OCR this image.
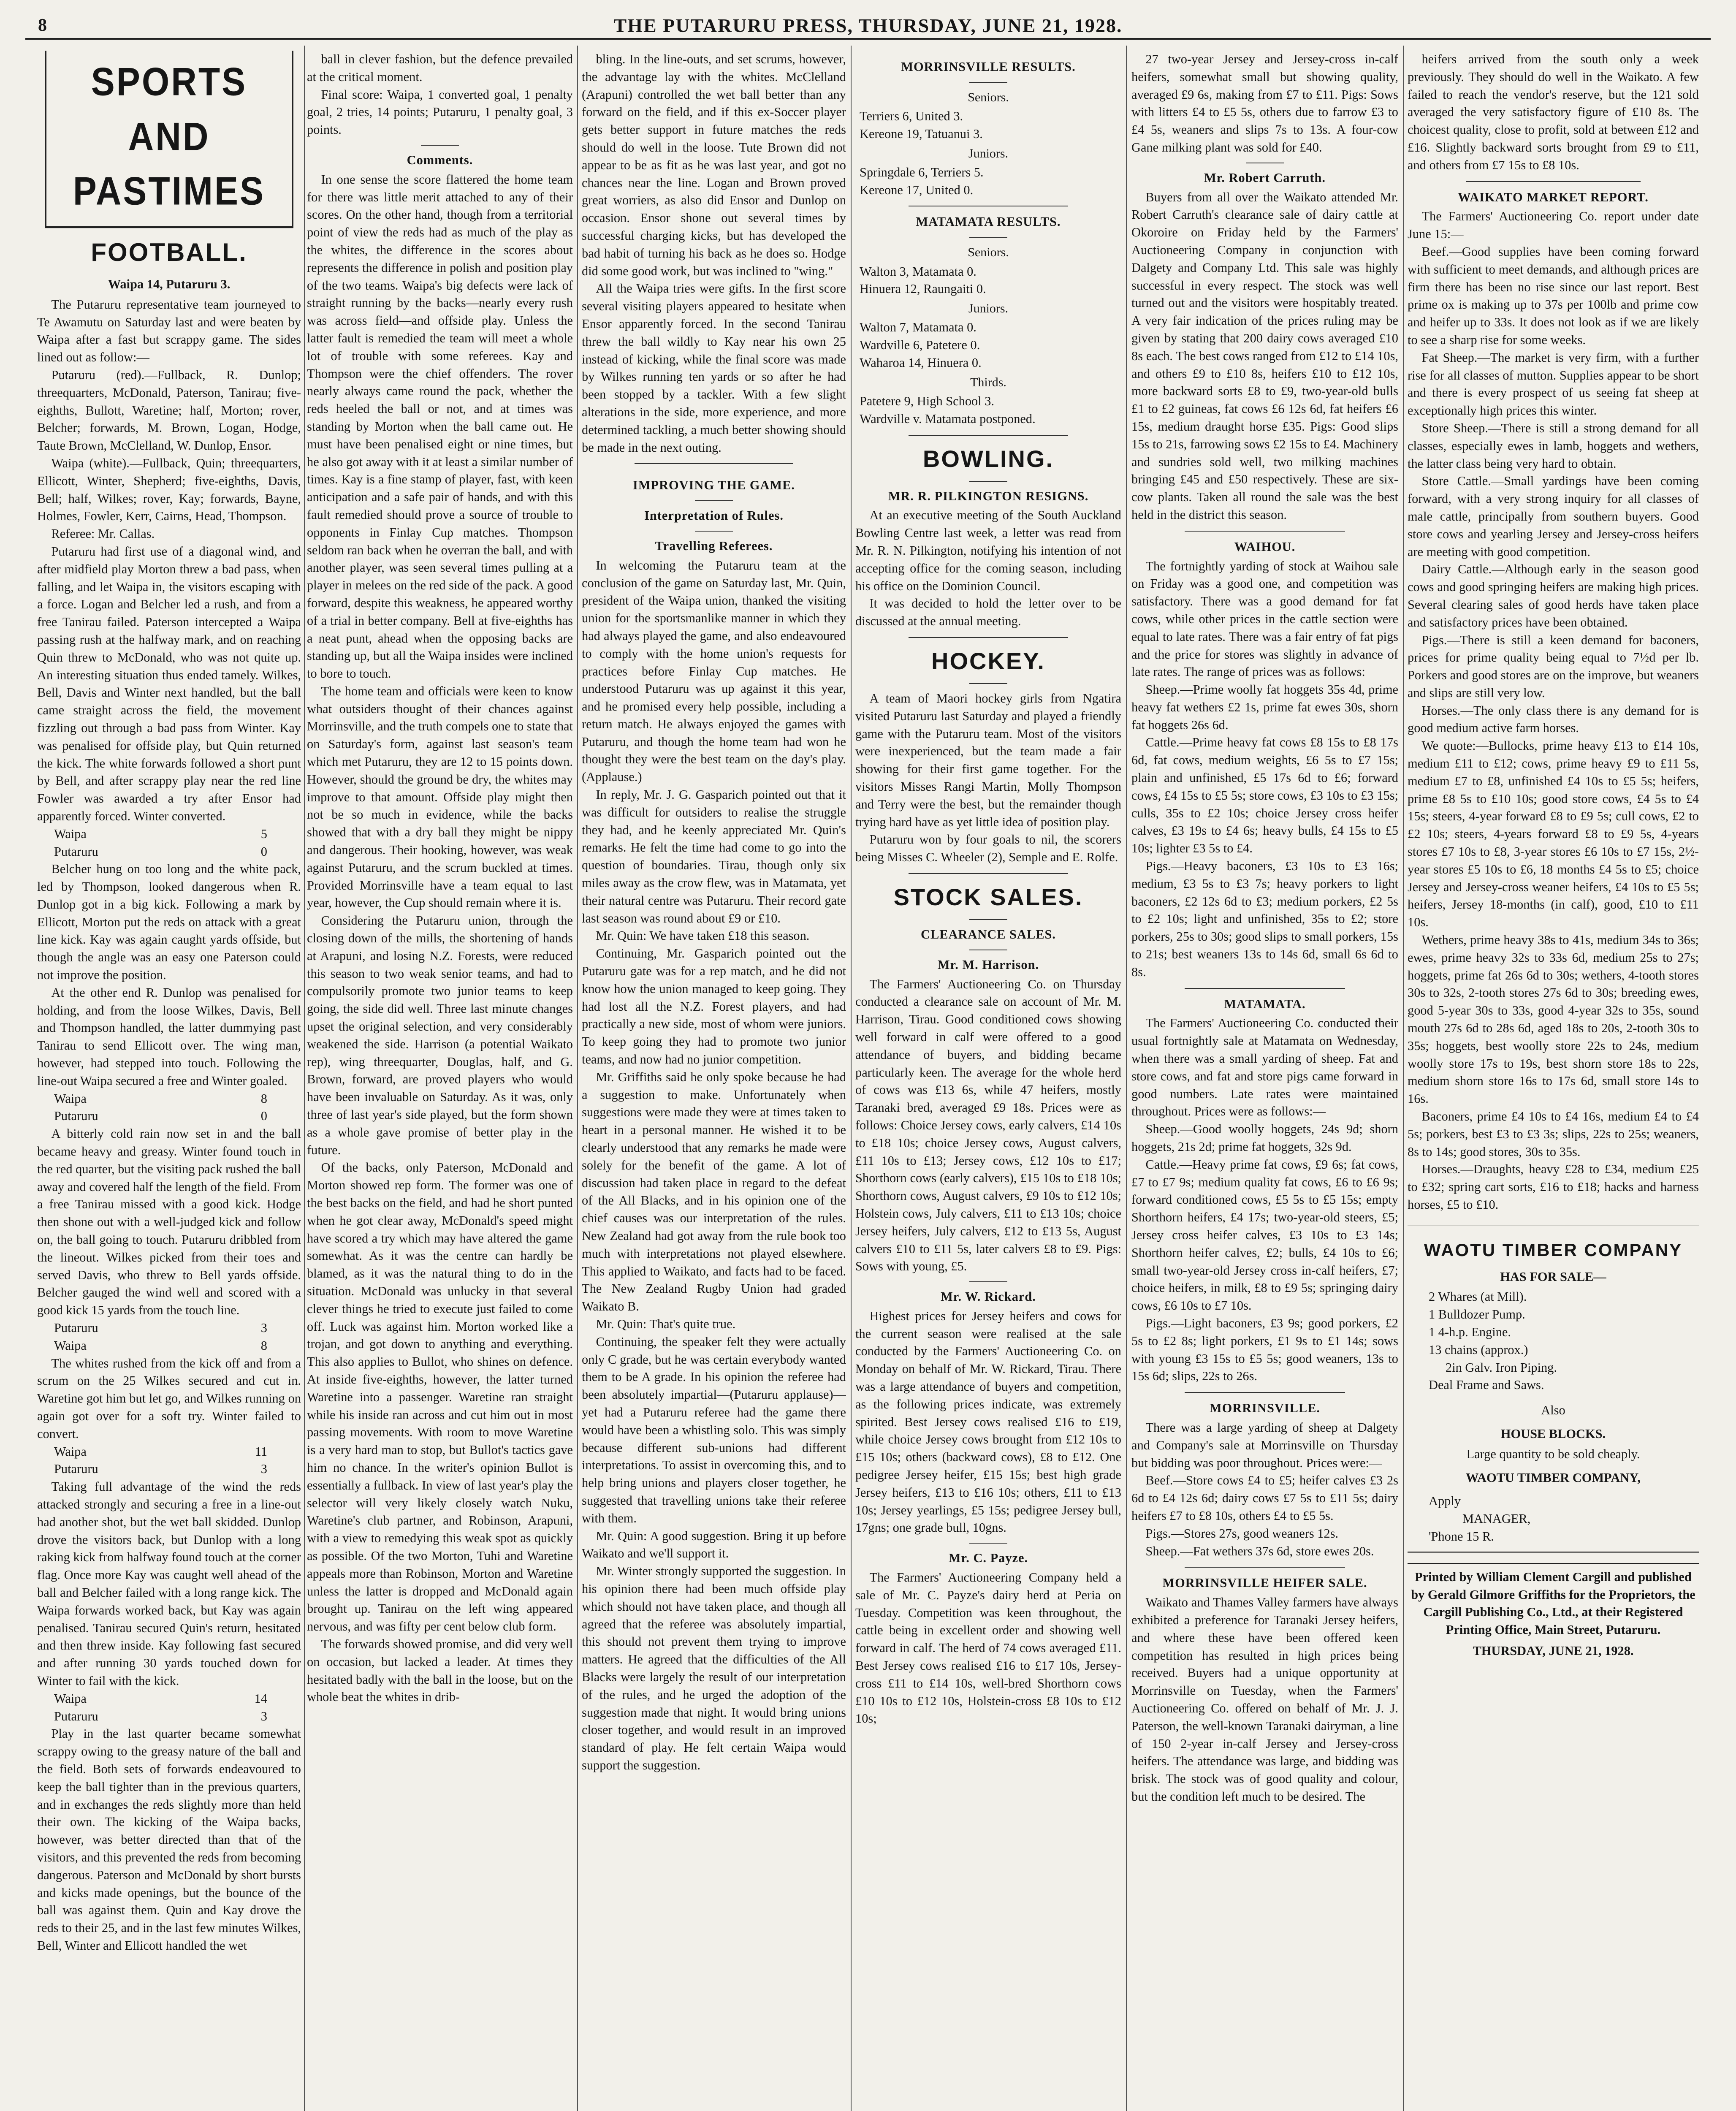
8	THE PUTARURU PRESS, THURSDAY, JUNE 21, 1928.
SPORTS AND PASTIMES
FOOTBALL.
Waipa 14, Putaruru 3.

The Putaruru representative team journeyed to Te Awamutu on Saturday last and were beaten by Waipa after a fast but scrappy game. The sides lined out as follow:—

Putaruru (red).—Fullback, R. Dunlop; threequarters, McDonald, Paterson, Tanirau; five-eighths, Bullott, Waretine; half, Morton; rover, Belcher; forwards, M. Brown, Logan, Hodge, Taute Brown, McClelland, W. Dunlop, Ensor.

Waipa (white).—Fullback, Quin; threequarters, Ellicott, Winter, Shepherd; five-eighths, Davis, Bell; half, Wilkes; rover, Kay; forwards, Bayne, Holmes, Fowler, Kerr, Cairns, Head, Thompson.

Referee: Mr. Callas.

Putaruru had first use of a diagonal wind, and after midfield play Morton threw a bad pass, when falling, and let Waipa in, the visitors escaping with a force. Logan and Belcher led a rush, and from a free Tanirau failed. Paterson intercepted a Waipa passing rush at the halfway mark, and on reaching Quin threw to McDonald, who was not quite up. An interesting situation thus ended tamely. Wilkes, Bell, Davis and Winter next handled, but the ball came straight across the field, the movement fizzling out through a bad pass from Winter. Kay was penalised for offside play, but Quin returned the kick. The white forwards followed a short punt by Bell, and after scrappy play near the red line Fowler was awarded a try after Ensor had apparently forced. Winter converted.

Waipa	5
Putaruru	0

Belcher hung on too long and the white pack, led by Thompson, looked dangerous when R. Dunlop got in a big kick. Following a mark by Ellicott, Morton put the reds on attack with a great line kick. Kay was again caught yards offside, but though the angle was an easy one Paterson could not improve the position.

At the other end R. Dunlop was penalised for holding, and from the loose Wilkes, Davis, Bell and Thompson handled, the latter dummying past Tanirau to send Ellicott over. The wing man, however, had stepped into touch. Following the line-out Waipa secured a free and Winter goaled.

Waipa	8
Putaruru	0

A bitterly cold rain now set in and the ball became heavy and greasy. Winter found touch in the red quarter, but the visiting pack rushed the ball away and covered half the length of the field. From a free Tanirau missed with a good kick. Hodge then shone out with a well-judged kick and follow on, the ball going to touch. Putaruru dribbled from the lineout. Wilkes picked from their toes and served Davis, who threw to Bell yards offside. Belcher gauged the wind well and scored with a good kick 15 yards from the touch line.

Putaruru	3
Waipa	8

The whites rushed from the kick off and from a scrum on the 25 Wilkes secured and cut in. Waretine got him but let go, and Wilkes running on again got over for a soft try. Winter failed to convert.

Waipa	11
Putaruru	3

Taking full advantage of the wind the reds attacked strongly and securing a free in a line-out had another shot, but the wet ball skidded. Dunlop drove the visitors back, but Dunlop with a long raking kick from halfway found touch at the corner flag. Once more Kay was caught well ahead of the ball and Belcher failed with a long range kick. The Waipa forwards worked back, but Kay was again penalised. Tanirau secured Quin's return, hesitated and then threw inside. Kay following fast secured and after running 30 yards touched down for Winter to fail with the kick.

Waipa	14
Putaruru	3

Play in the last quarter became somewhat scrappy owing to the greasy nature of the ball and the field. Both sets of forwards endeavoured to keep the ball tighter than in the previous quarters, and in exchanges the reds slightly more than held their own. The kicking of the Waipa backs, however, was better directed than that of the visitors, and this prevented the reds from becoming dangerous. Paterson and McDonald by short bursts and kicks made openings, but the bounce of the ball was against them. Quin and Kay drove the reds to their 25, and in the last few minutes Wilkes, Bell, Winter and Ellicott handled the wet

ball in clever fashion, but the defence prevailed at the critical moment.

Final score: Waipa, 1 converted goal, 1 penalty goal, 2 tries, 14 points; Putaruru, 1 penalty goal, 3 points.

Comments.

In one sense the score flattered the home team for there was little merit attached to any of their scores. On the other hand, though from a territorial point of view the reds had as much of the play as the whites, the difference in the scores about represents the difference in polish and position play of the two teams. Waipa's big defects were lack of straight running by the backs—nearly every rush was across field—and offside play. Unless the latter fault is remedied the team will meet a whole lot of trouble with some referees. Kay and Thompson were the chief offenders. The rover nearly always came round the pack, whether the reds heeled the ball or not, and at times was standing by Morton when the ball came out. He must have been penalised eight or nine times, but he also got away with it at least a similar number of times. Kay is a fine stamp of player, fast, with keen anticipation and a safe pair of hands, and with this fault remedied should prove a source of trouble to opponents in Finlay Cup matches. Thompson seldom ran back when he overran the ball, and with another player, was seen several times pulling at a player in melees on the red side of the pack. A good forward, despite this weakness, he appeared worthy of a trial in better company. Bell at five-eighths has a neat punt, ahead when the opposing backs are standing up, but all the Waipa insides were inclined to bore to touch.

The home team and officials were keen to know what outsiders thought of their chances against Morrinsville, and the truth compels one to state that on Saturday's form, against last season's team which met Putaruru, they are 12 to 15 points down. However, should the ground be dry, the whites may improve to that amount. Offside play might then not be so much in evidence, while the backs showed that with a dry ball they might be nippy and dangerous. Their hooking, however, was weak against Putaruru, and the scrum buckled at times. Provided Morrinsville have a team equal to last year, however, the Cup should remain where it is.

Considering the Putaruru union, through the closing down of the mills, the shortening of hands at Arapuni, and losing N.Z. Forests, were reduced this season to two weak senior teams, and had to compulsorily promote two junior teams to keep going, the side did well. Three last minute changes upset the original selection, and very considerably weakened the side. Harrison (a potential Waikato rep), wing threequarter, Douglas, half, and G. Brown, forward, are proved players who would have been invaluable on Saturday. As it was, only three of last year's side played, but the form shown as a whole gave promise of better play in the future.

Of the backs, only Paterson, McDonald and Morton showed rep form. The former was one of the best backs on the field, and had he short punted when he got clear away, McDonald's speed might have scored a try which may have altered the game somewhat. As it was the centre can hardly be blamed, as it was the natural thing to do in the situation. McDonald was unlucky in that several clever things he tried to execute just failed to come off. Luck was against him. Morton worked like a trojan, and got down to anything and everything. This also applies to Bullot, who shines on defence. At inside five-eighths, however, the latter turned Waretine into a passenger. Waretine ran straight while his inside ran across and cut him out in most passing movements. With room to move Waretine is a very hard man to stop, but Bullot's tactics gave him no chance. In the writer's opinion Bullot is essentially a fullback. In view of last year's play the selector will very likely closely watch Nuku, Waretine's club partner, and Robinson, Arapuni, with a view to remedying this weak spot as quickly as possible. Of the two Morton, Tuhi and Waretine appeals more than Robinson, Morton and Waretine unless the latter is dropped and McDonald again brought up. Tanirau on the left wing appeared nervous, and was fifty per cent below club form.

The forwards showed promise, and did very well on occasion, but lacked a leader. At times they hesitated badly with the ball in the loose, but on the whole beat the whites in drib-

bling. In the line-outs, and set scrums, however, the advantage lay with the whites. McClelland (Arapuni) controlled the wet ball better than any forward on the field, and if this ex-Soccer player gets better support in future matches the reds should do well in the loose. Tute Brown did not appear to be as fit as he was last year, and got no chances near the line. Logan and Brown proved great worriers, as also did Ensor and Dunlop on occasion. Ensor shone out several times by successful charging kicks, but has developed the bad habit of turning his back as he does so. Hodge did some good work, but was inclined to "wing."

All the Waipa tries were gifts. In the first score several visiting players appeared to hesitate when Ensor apparently forced. In the second Tanirau threw the ball wildly to Kay near his own 25 instead of kicking, while the final score was made by Wilkes running ten yards or so after he had been stopped by a tackler. With a few slight alterations in the side, more experience, and more determined tackling, a much better showing should be made in the next outing.

IMPROVING THE GAME.
Interpretation of Rules.
Travelling Referees.

In welcoming the Putaruru team at the conclusion of the game on Saturday last, Mr. Quin, president of the Waipa union, thanked the visiting union for the sportsmanlike manner in which they had always played the game, and also endeavoured to comply with the home union's requests for practices before Finlay Cup matches. He understood Putaruru was up against it this year, and he promised every help possible, including a return match. He always enjoyed the games with Putaruru, and though the home team had won he thought they were the best team on the day's play. (Applause.)

In reply, Mr. J. G. Gasparich pointed out that it was difficult for outsiders to realise the struggle they had, and he keenly appreciated Mr. Quin's remarks. He felt the time had come to go into the question of boundaries. Tirau, though only six miles away as the crow flew, was in Matamata, yet their natural centre was Putaruru. Their record gate last season was round about £9 or £10.

Mr. Quin: We have taken £18 this season.

Continuing, Mr. Gasparich pointed out the Putaruru gate was for a rep match, and he did not know how the union managed to keep going. They had lost all the N.Z. Forest players, and had practically a new side, most of whom were juniors. To keep going they had to promote two junior teams, and now had no junior competition.

Mr. Griffiths said he only spoke because he had a suggestion to make. Unfortunately when suggestions were made they were at times taken to heart in a personal manner. He wished it to be clearly understood that any remarks he made were solely for the benefit of the game. A lot of discussion had taken place in regard to the defeat of the All Blacks, and in his opinion one of the chief causes was our interpretation of the rules. New Zealand had got away from the rule book too much with interpretations not played elsewhere. This applied to Waikato, and facts had to be faced. The New Zealand Rugby Union had graded Waikato B.

Mr. Quin: That's quite true.

Continuing, the speaker felt they were actually only C grade, but he was certain everybody wanted them to be A grade. In his opinion the referee had been absolutely impartial—(Putaruru applause)— yet had a Putaruru referee had the game there would have been a whistling solo. This was simply because different sub-unions had different interpretations. To assist in overcoming this, and to help bring unions and players closer together, he suggested that travelling unions take their referee with them.

Mr. Quin: A good suggestion. Bring it up before Waikato and we'll support it.

Mr. Winter strongly supported the suggestion. In his opinion there had been much offside play which should not have taken place, and though all agreed that the referee was absolutely impartial, this should not prevent them trying to improve matters. He agreed that the difficulties of the All Blacks were largely the result of our interpretation of the rules, and he urged the adoption of the suggestion made that night. It would bring unions closer together, and would result in an improved standard of play. He felt certain Waipa would support the suggestion.

MORRINSVILLE RESULTS.
Seniors.

Terriers 6, United 3.

Kereone 19, Tatuanui 3.

Juniors.

Springdale 6, Terriers 5.

Kereone 17, United 0.

MATAMATA RESULTS.
Seniors.

Walton 3, Matamata 0.

Hinuera 12, Raungaiti 0.

Juniors.

Walton 7, Matamata 0.

Wardville 6, Patetere 0.

Waharoa 14, Hinuera 0.

Thirds.

Patetere 9, High School 3.

Wardville v. Matamata postponed.

BOWLING.
MR. R. PILKINGTON RESIGNS.

At an executive meeting of the South Auckland Bowling Centre last week, a letter was read from Mr. R. N. Pilkington, notifying his intention of not accepting office for the coming season, including his office on the Dominion Council.

It was decided to hold the letter over to be discussed at the annual meeting.

HOCKEY.

A team of Maori hockey girls from Ngatira visited Putaruru last Saturday and played a friendly game with the Putaruru team. Most of the visitors were inexperienced, but the team made a fair showing for their first game together. For the visitors Misses Rangi Martin, Molly Thompson and Terry were the best, but the remainder though trying hard have as yet little idea of position play.

Putaruru won by four goals to nil, the scorers being Misses C. Wheeler (2), Semple and E. Rolfe.

STOCK SALES.
CLEARANCE SALES.
Mr. M. Harrison.

The Farmers' Auctioneering Co. on Thursday conducted a clearance sale on account of Mr. M. Harrison, Tirau. Good conditioned cows showing well forward in calf were offered to a good attendance of buyers, and bidding became particularly keen. The average for the whole herd of cows was £13 6s, while 47 heifers, mostly Taranaki bred, averaged £9 18s. Prices were as follows: Choice Jersey cows, early calvers, £14 10s to £18 10s; choice Jersey cows, August calvers, £11 10s to £13; Jersey cows, £12 10s to £17; Shorthorn cows (early calvers), £15 10s to £18 10s; Shorthorn cows, August calvers, £9 10s to £12 10s; Holstein cows, July calvers, £11 to £13 10s; choice Jersey heifers, July calvers, £12 to £13 5s, August calvers £10 to £11 5s, later calvers £8 to £9. Pigs: Sows with young, £5.

Mr. W. Rickard.

Highest prices for Jersey heifers and cows for the current season were realised at the sale conducted by the Farmers' Auctioneering Co. on Monday on behalf of Mr. W. Rickard, Tirau. There was a large attendance of buyers and competition, as the following prices indicate, was extremely spirited. Best Jersey cows realised £16 to £19, while choice Jersey cows brought from £12 10s to £15 10s; others (backward cows), £8 to £12. One pedigree Jersey heifer, £15 15s; best high grade Jersey heifers, £13 to £16 10s; others, £11 to £13 10s; Jersey yearlings, £5 15s; pedigree Jersey bull, 17gns; one grade bull, 10gns.

Mr. C. Payze.

The Farmers' Auctioneering Company held a sale of Mr. C. Payze's dairy herd at Peria on Tuesday. Competition was keen throughout, the cattle being in excellent order and showing well forward in calf. The herd of 74 cows averaged £11. Best Jersey cows realised £16 to £17 10s, Jersey-cross £11 to £14 10s, well-bred Shorthorn cows £10 10s to £12 10s, Holstein-cross £8 10s to £12 10s;

27 two-year Jersey and Jersey-cross in-calf heifers, somewhat small but showing quality, averaged £9 6s, making from £7 to £11. Pigs: Sows with litters £4 to £5 5s, others due to farrow £3 to £4 5s, weaners and slips 7s to 13s. A four-cow Gane milking plant was sold for £40.

Mr. Robert Carruth.

Buyers from all over the Waikato attended Mr. Robert Carruth's clearance sale of dairy cattle at Okoroire on Friday held by the Farmers' Auctioneering Company in conjunction with Dalgety and Company Ltd. This sale was highly successful in every respect. The stock was well turned out and the visitors were hospitably treated. A very fair indication of the prices ruling may be given by stating that 200 dairy cows averaged £10 8s each. The best cows ranged from £12 to £14 10s, and others £9 to £10 8s, heifers £10 to £12 10s, more backward sorts £8 to £9, two-year-old bulls £1 to £2 guineas, fat cows £6 12s 6d, fat heifers £6 15s, medium draught horse £35. Pigs: Good slips 15s to 21s, farrowing sows £2 15s to £4. Machinery and sundries sold well, two milking machines bringing £45 and £50 respectively. These are six-cow plants. Taken all round the sale was the best held in the district this season.

WAIHOU.

The fortnightly yarding of stock at Waihou sale on Friday was a good one, and competition was satisfactory. There was a good demand for fat cows, while other prices in the cattle section were equal to late rates. There was a fair entry of fat pigs and the price for stores was slightly in advance of late rates. The range of prices was as follows:

Sheep.—Prime woolly fat hoggets 35s 4d, prime heavy fat wethers £2 1s, prime fat ewes 30s, shorn fat hoggets 26s 6d.

Cattle.—Prime heavy fat cows £8 15s to £8 17s 6d, fat cows, medium weights, £6 5s to £7 15s; plain and unfinished, £5 17s 6d to £6; forward cows, £4 15s to £5 5s; store cows, £3 10s to £3 15s; culls, 35s to £2 10s; choice Jersey cross heifer calves, £3 19s to £4 6s; heavy bulls, £4 15s to £5 10s; lighter £3 5s to £4.

Pigs.—Heavy baconers, £3 10s to £3 16s; medium, £3 5s to £3 7s; heavy porkers to light baconers, £2 12s 6d to £3; medium porkers, £2 5s to £2 10s; light and unfinished, 35s to £2; store porkers, 25s to 30s; good slips to small porkers, 15s to 21s; best weaners 13s to 14s 6d, small 6s 6d to 8s.

MATAMATA.

The Farmers' Auctioneering Co. conducted their usual fortnightly sale at Matamata on Wednesday, when there was a small yarding of sheep. Fat and store cows, and fat and store pigs came forward in good numbers. Late rates were maintained throughout. Prices were as follows:—

Sheep.—Good woolly hoggets, 24s 9d; shorn hoggets, 21s 2d; prime fat hoggets, 32s 9d.

Cattle.—Heavy prime fat cows, £9 6s; fat cows, £7 to £7 9s; medium quality fat cows, £6 to £6 9s; forward conditioned cows, £5 5s to £5 15s; empty Shorthorn heifers, £4 17s; two-year-old steers, £5; Jersey cross heifer calves, £3 10s to £3 14s; Shorthorn heifer calves, £2; bulls, £4 10s to £6; small two-year-old Jersey cross in-calf heifers, £7; choice heifers, in milk, £8 to £9 5s; springing dairy cows, £6 10s to £7 10s.

Pigs.—Light baconers, £3 9s; good porkers, £2 5s to £2 8s; light porkers, £1 9s to £1 14s; sows with young £3 15s to £5 5s; good weaners, 13s to 15s 6d; slips, 22s to 26s.

MORRINSVILLE.

There was a large yarding of sheep at Dalgety and Company's sale at Morrinsville on Thursday but bidding was poor throughout. Prices were:—

Beef.—Store cows £4 to £5; heifer calves £3 2s 6d to £4 12s 6d; dairy cows £7 5s to £11 5s; dairy heifers £7 to £8 10s, others £4 to £5 5s.

Pigs.—Stores 27s, good weaners 12s.

Sheep.—Fat wethers 37s 6d, store ewes 20s.

MORRINSVILLE HEIFER SALE.

Waikato and Thames Valley farmers have always exhibited a preference for Taranaki Jersey heifers, and where these have been offered keen competition has resulted in high prices being received. Buyers had a unique opportunity at Morrinsville on Tuesday, when the Farmers' Auctioneering Co. offered on behalf of Mr. J. J. Paterson, the well-known Taranaki dairyman, a line of 150 2-year in-calf Jersey and Jersey-cross heifers. The attendance was large, and bidding was brisk. The stock was of good quality and colour, but the condition left much to be desired. The

heifers arrived from the south only a week previously. They should do well in the Waikato. A few failed to reach the vendor's reserve, but the 121 sold averaged the very satisfactory figure of £10 8s. The choicest quality, close to profit, sold at between £12 and £16. Slightly backward sorts brought from £9 to £11, and others from £7 15s to £8 10s.

WAIKATO MARKET REPORT.

The Farmers' Auctioneering Co. report under date June 15:—

Beef.—Good supplies have been coming forward with sufficient to meet demands, and although prices are firm there has been no rise since our last report. Best prime ox is making up to 37s per 100lb and prime cow and heifer up to 33s. It does not look as if we are likely to see a sharp rise for some weeks.

Fat Sheep.—The market is very firm, with a further rise for all classes of mutton. Supplies appear to be short and there is every prospect of us seeing fat sheep at exceptionally high prices this winter.

Store Sheep.—There is still a strong demand for all classes, especially ewes in lamb, hoggets and wethers, the latter class being very hard to obtain.

Store Cattle.—Small yardings have been coming forward, with a very strong inquiry for all classes of male cattle, principally from southern buyers. Good store cows and yearling Jersey and Jersey-cross heifers are meeting with good competition.

Dairy Cattle.—Although early in the season good cows and good springing heifers are making high prices. Several clearing sales of good herds have taken place and satisfactory prices have been obtained.

Pigs.—There is still a keen demand for baconers, prices for prime quality being equal to 7½d per lb. Porkers and good stores are on the improve, but weaners and slips are still very low.

Horses.—The only class there is any demand for is good medium active farm horses.

We quote:—Bullocks, prime heavy £13 to £14 10s, medium £11 to £12; cows, prime heavy £9 to £11 5s, medium £7 to £8, unfinished £4 10s to £5 5s; heifers, prime £8 5s to £10 10s; good store cows, £4 5s to £4 15s; steers, 4-year forward £8 to £9 5s; cull cows, £2 to £2 10s; steers, 4-years forward £8 to £9 5s, 4-years stores £7 10s to £8, 3-year stores £6 10s to £7 15s, 2½-year stores £5 10s to £6, 18 months £4 5s to £5; choice Jersey and Jersey-cross weaner heifers, £4 10s to £5 5s; heifers, Jersey 18-months (in calf), good, £10 to £11 10s.

Wethers, prime heavy 38s to 41s, medium 34s to 36s; ewes, prime heavy 32s to 33s 6d, medium 25s to 27s; hoggets, prime fat 26s 6d to 30s; wethers, 4-tooth stores 30s to 32s, 2-tooth stores 27s 6d to 30s; breeding ewes, good 5-year 30s to 33s, good 4-year 32s to 35s, sound mouth 27s 6d to 28s 6d, aged 18s to 20s, 2-tooth 30s to 35s; hoggets, best woolly store 22s to 24s, medium woolly store 17s to 19s, best shorn store 18s to 22s, medium shorn store 16s to 17s 6d, small store 14s to 16s.

Baconers, prime £4 10s to £4 16s, medium £4 to £4 5s; porkers, best £3 to £3 3s; slips, 22s to 25s; weaners, 8s to 14s; good stores, 30s to 35s.

Horses.—Draughts, heavy £28 to £34, medium £25 to £32; spring cart sorts, £16 to £18; hacks and harness horses, £5 to £10.

WAOTU TIMBER COMPANY
HAS FOR SALE—

2 Whares (at Mill).

1 Bulldozer Pump.

1 4-h.p. Engine.

13 chains (approx.)

2in Galv. Iron Piping.

Deal Frame and Saws.

Also

HOUSE BLOCKS.

Large quantity to be sold cheaply.

WAOTU TIMBER COMPANY,

Apply

MANAGER,

'Phone 15 R.

Printed by William Clement Cargill and published by Gerald Gilmore Griffiths for the Proprietors, the Cargill Publishing Co., Ltd., at their Registered Printing Office, Main Street, Putaruru.

THURSDAY, JUNE 21, 1928.
